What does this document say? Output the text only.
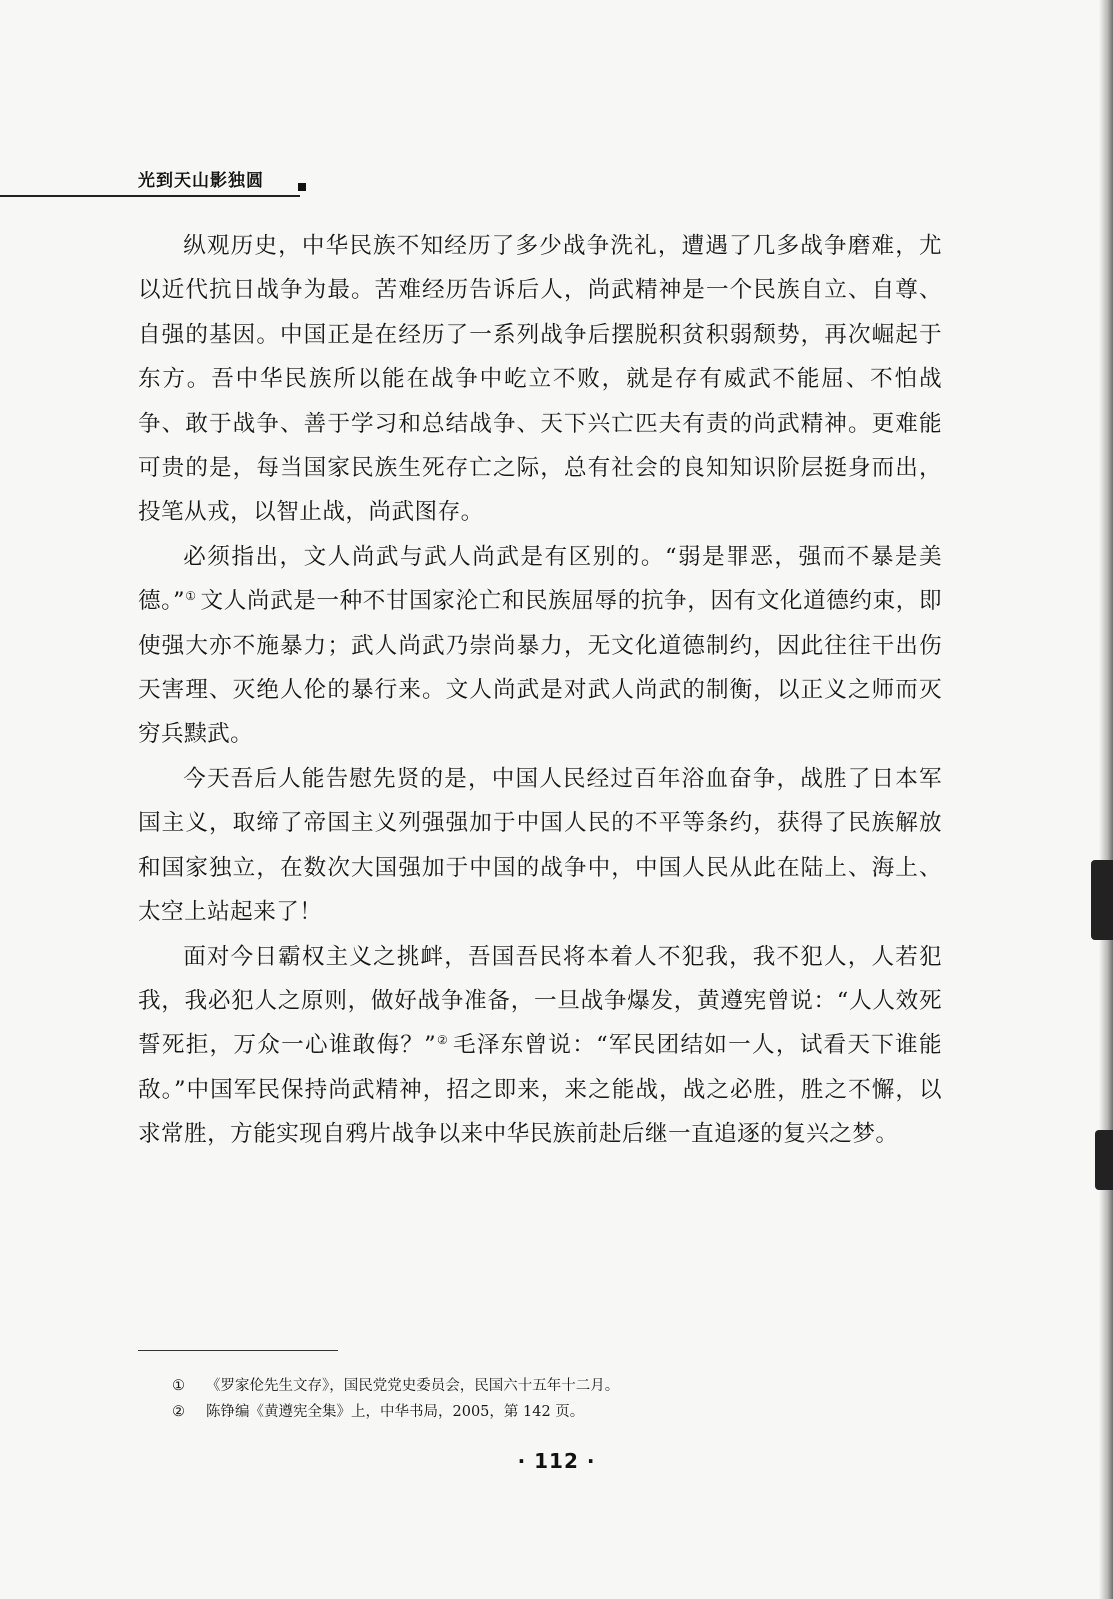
光到天山影独圆

纵观历史，中华民族不知经历了多少战争洗礼，遭遇了几多战争磨难，尤以近代抗日战争为最。苦难经历告诉后人，尚武精神是一个民族自立、自尊、自强的基因。中国正是在经历了一系列战争后摆脱积贫积弱颓势，再次崛起于东方。吾中华民族所以能在战争中屹立不败，就是存有威武不能屈、不怕战争、敢于战争、善于学习和总结战争、天下兴亡匹夫有责的尚武精神。更难能可贵的是，每当国家民族生死存亡之际，总有社会的良知知识阶层挺身而出，投笔从戎，以智止战，尚武图存。

必须指出，文人尚武与武人尚武是有区别的。“弱是罪恶，强而不暴是美德。”① 文人尚武是一种不甘国家沦亡和民族屈辱的抗争，因有文化道德约束，即使强大亦不施暴力；武人尚武乃崇尚暴力，无文化道德制约，因此往往干出伤天害理、灭绝人伦的暴行来。文人尚武是对武人尚武的制衡，以正义之师而灭穷兵黩武。

今天吾后人能告慰先贤的是，中国人民经过百年浴血奋争，战胜了日本军国主义，取缔了帝国主义列强强加于中国人民的不平等条约，获得了民族解放和国家独立，在数次大国强加于中国的战争中，中国人民从此在陆上、海上、太空上站起来了！

面对今日霸权主义之挑衅，吾国吾民将本着人不犯我，我不犯人，人若犯我，我必犯人之原则，做好战争准备，一旦战争爆发，黄遵宪曾说：“人人效死誓死拒，万众一心谁敢侮？”② 毛泽东曾说：“军民团结如一人，试看天下谁能敌。”中国军民保持尚武精神，招之即来，来之能战，战之必胜，胜之不懈，以求常胜，方能实现自鸦片战争以来中华民族前赴后继一直追逐的复兴之梦。

① 《罗家伦先生文存》，国民党党史委员会，民国六十五年十二月。
② 陈铮编《黄遵宪全集》上，中华书局，2005，第 142 页。
· 112 ·
